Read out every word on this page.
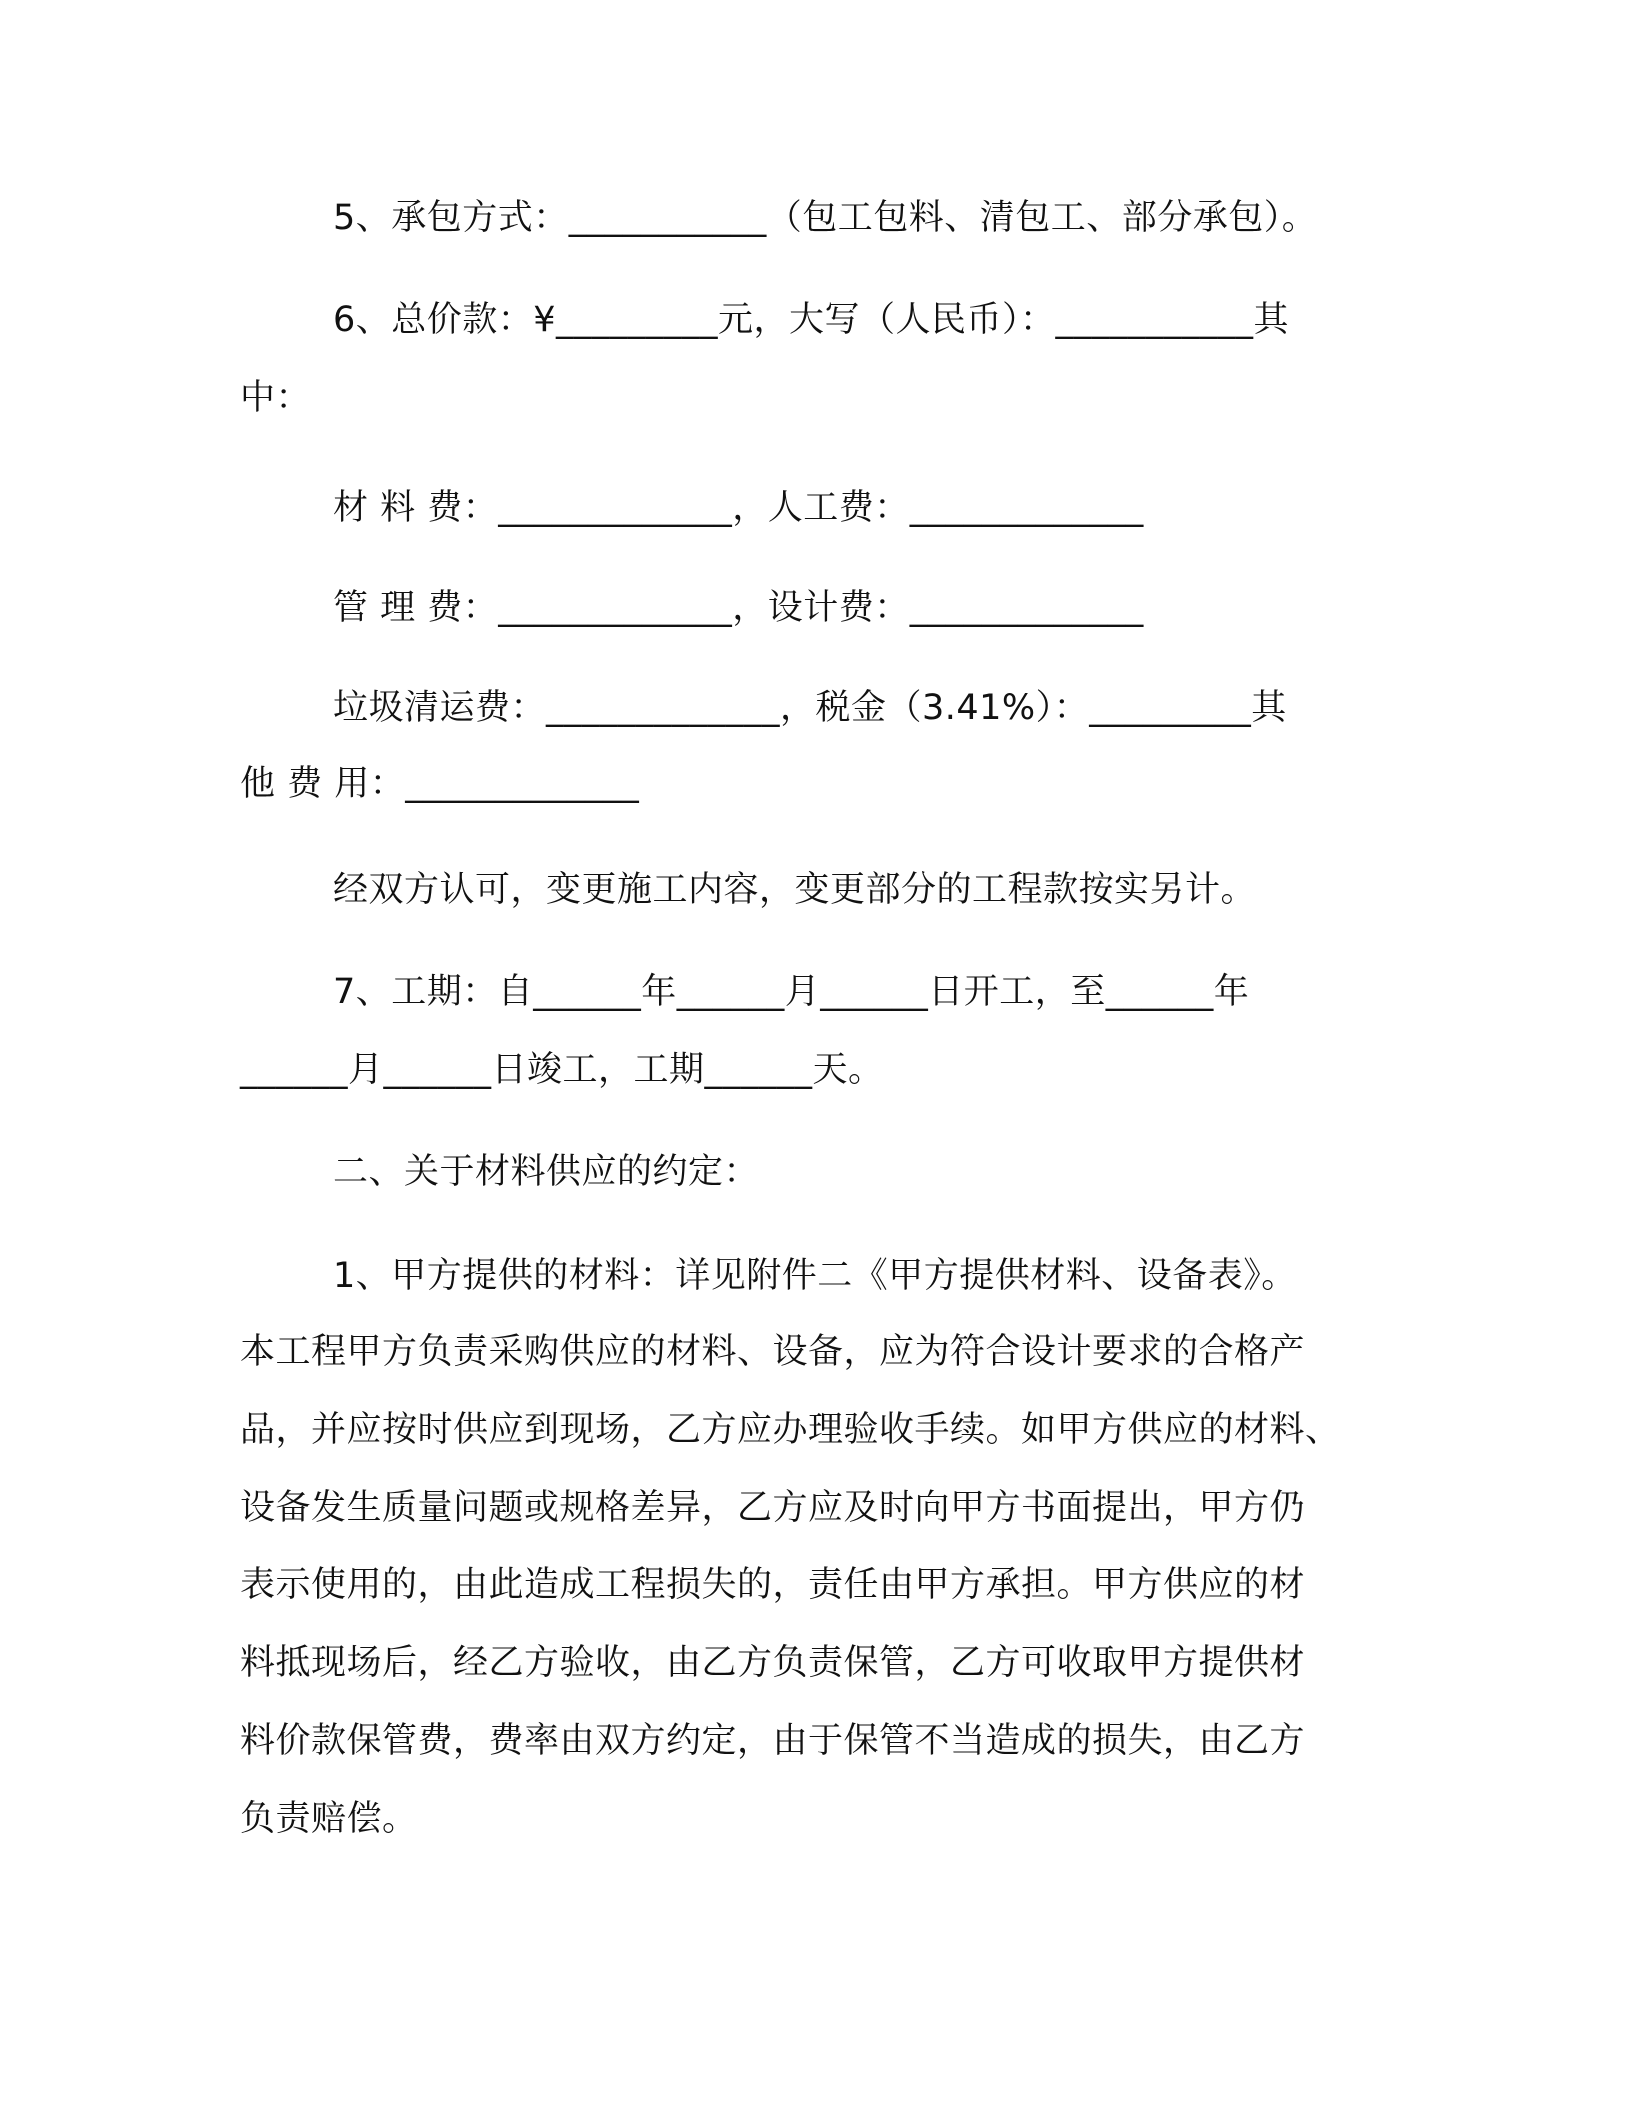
5、承包方式：___________（包工包料、清包工、部分承包）。
6、总价款：¥_________元，大写（人民币）：___________其
中：
材 料 费：_____________，人工费：_____________
管 理 费：_____________，设计费：_____________
垃圾清运费：_____________，税金（3.41%）：_________其
他 费 用：_____________
经双方认可，变更施工内容，变更部分的工程款按实另计。
7、工期：自______年______月______日开工，至______年
______月______日竣工，工期______天。
二、关于材料供应的约定：
1、甲方提供的材料：详见附件二《甲方提供材料、设备表》。
本工程甲方负责采购供应的材料、设备，应为符合设计要求的合格产
品，并应按时供应到现场，乙方应办理验收手续。如甲方供应的材料、
设备发生质量问题或规格差异，乙方应及时向甲方书面提出，甲方仍
表示使用的，由此造成工程损失的，责任由甲方承担。甲方供应的材
料抵现场后，经乙方验收，由乙方负责保管，乙方可收取甲方提供材
料价款保管费，费率由双方约定，由于保管不当造成的损失，由乙方
负责赔偿。
